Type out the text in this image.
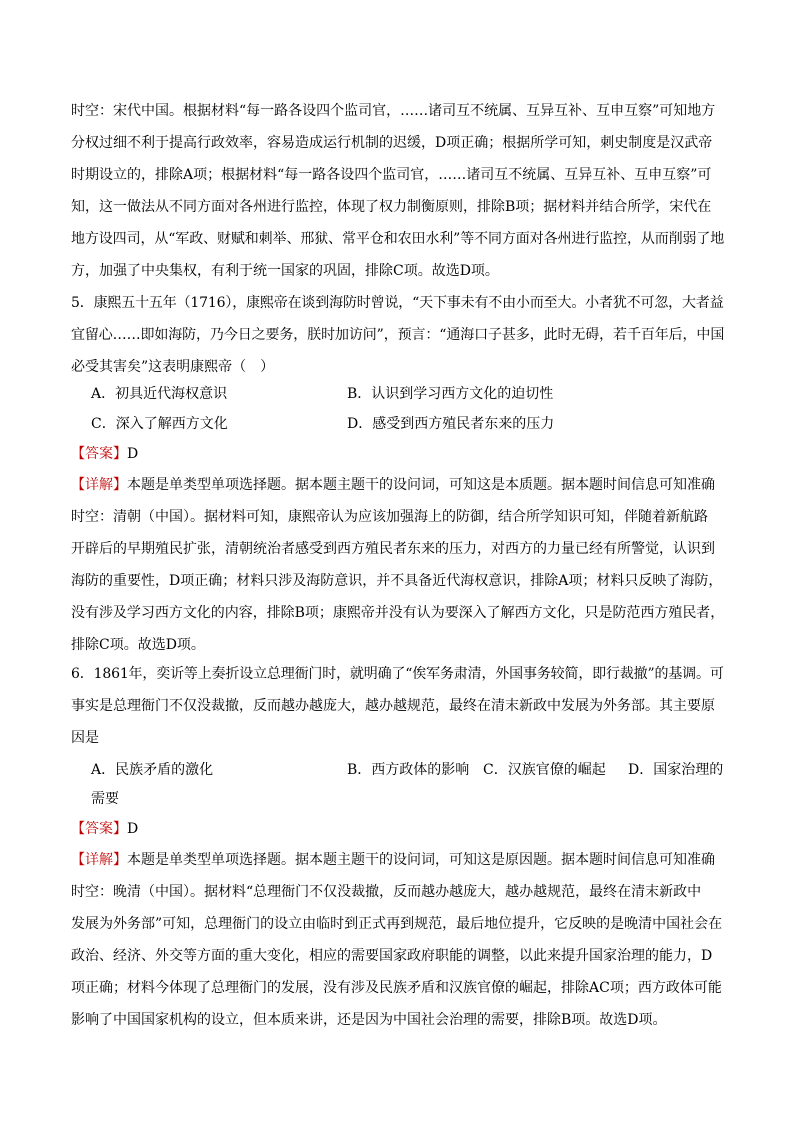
时空：宋代中国。根据材料“每一路各设四个监司官，……诸司互不统属、互异互补、互申互察”可知地方
分权过细不利于提高行政效率，容易造成运行机制的迟缓，D项正确；根据所学可知，刺史制度是汉武帝
时期设立的，排除A项；根据材料“每一路各设四个监司官，……诸司互不统属、互异互补、互申互察”可
知，这一做法从不同方面对各州进行监控，体现了权力制衡原则，排除B项；据材料并结合所学，宋代在
地方设四司，从“军政、财赋和刺举、邢狱、常平仓和农田水利”等不同方面对各州进行监控，从而削弱了地
方，加强了中央集权，有利于统一国家的巩固，排除C项。故选D项。
5．康熙五十五年（1716），康熙帝在谈到海防时曾说，“天下事未有不由小而至大。小者犹不可忽，大者益
宜留心……即如海防，乃今日之要务，朕时加访问”，预言：“通海口子甚多，此时无碍，若千百年后，中国
必受其害矣”这表明康熙帝（　）
A．初具近代海权意识	B．认识到学习西方文化的迫切性
C．深入了解西方文化	D．感受到西方殖民者东来的压力
【答案】D
【详解】本题是单类型单项选择题。据本题主题干的设问词，可知这是本质题。据本题时间信息可知准确
时空：清朝（中国）。据材料可知，康熙帝认为应该加强海上的防御，结合所学知识可知，伴随着新航路
开辟后的早期殖民扩张，清朝统治者感受到西方殖民者东来的压力，对西方的力量已经有所警觉，认识到
海防的重要性，D项正确；材料只涉及海防意识，并不具备近代海权意识，排除A项；材料只反映了海防，
没有涉及学习西方文化的内容，排除B项；康熙帝并没有认为要深入了解西方文化，只是防范西方殖民者，
排除C项。故选D项。
6．1861年，奕䜣等上奏折设立总理衙门时，就明确了“俟军务肃清，外国事务较简，即行裁撤”的基调。可
事实是总理衙门不仅没裁撤，反而越办越庞大，越办越规范，最终在清末新政中发展为外务部。其主要原
因是
A．民族矛盾的激化	B．西方政体的影响 C．汉族官僚的崛起 D．国家治理的
需要
【答案】D
【详解】本题是单类型单项选择题。据本题主题干的设问词，可知这是原因题。据本题时间信息可知准确
时空：晚清（中国）。据材料“总理衙门不仅没裁撤，反而越办越庞大，越办越规范，最终在清末新政中
发展为外务部”可知，总理衙门的设立由临时到正式再到规范，最后地位提升，它反映的是晚清中国社会在
政治、经济、外交等方面的重大变化，相应的需要国家政府职能的调整，以此来提升国家治理的能力，D
项正确；材料今体现了总理衙门的发展，没有涉及民族矛盾和汉族官僚的崛起，排除AC项；西方政体可能
影响了中国国家机构的设立，但本质来讲，还是因为中国社会治理的需要，排除B项。故选D项。
